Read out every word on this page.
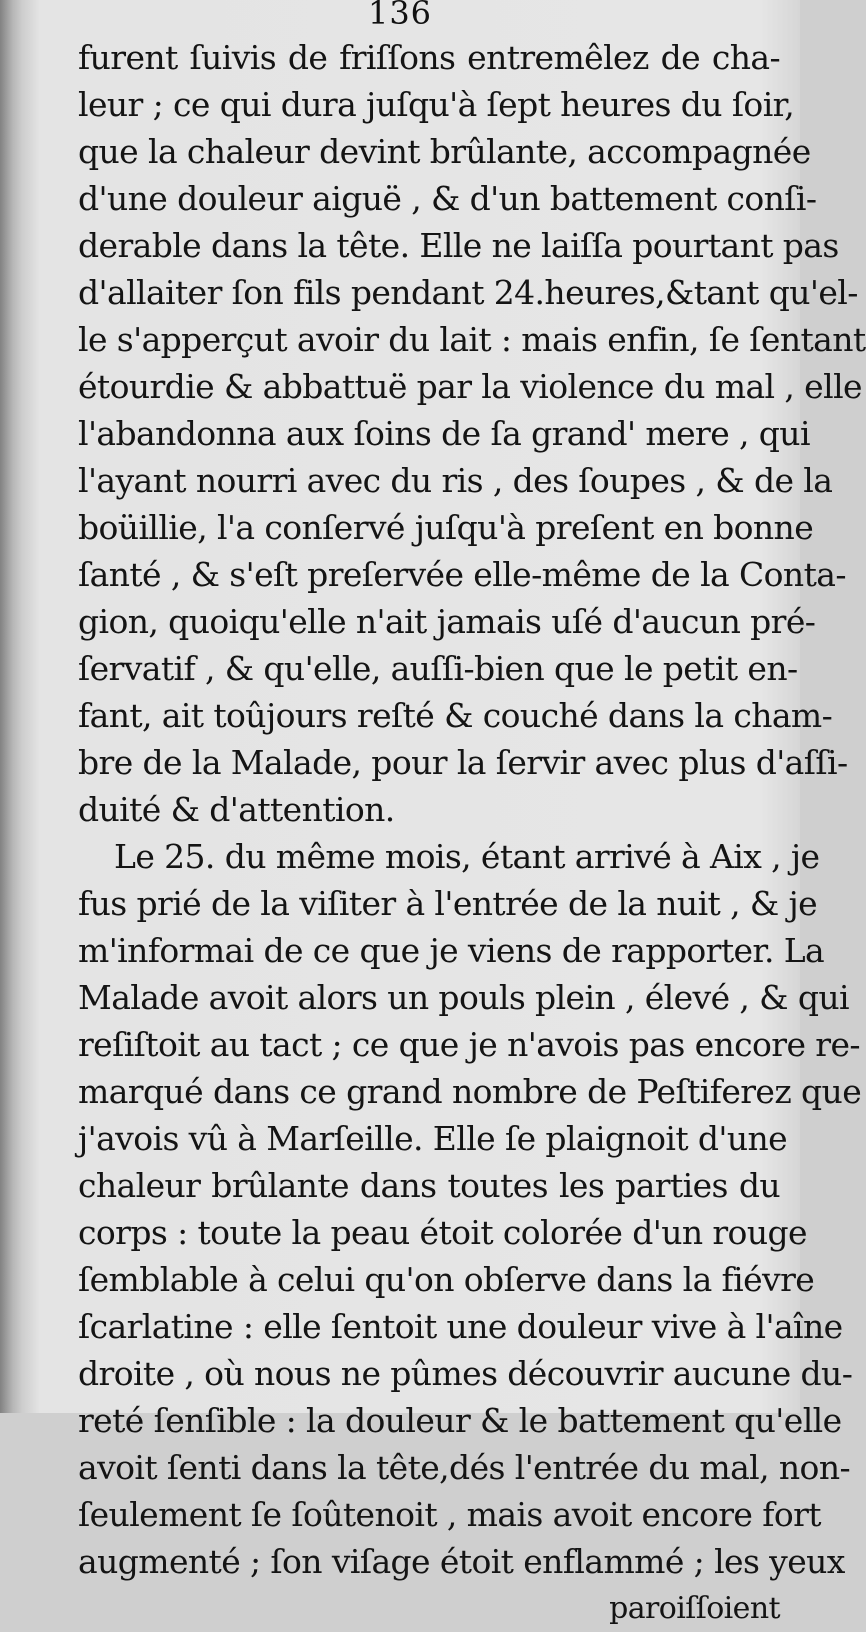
136
furent ſuivis de friſſons entremêlez de cha-
leur ; ce qui dura juſqu'à ſept heures du ſoir,
que la chaleur devint brûlante, accompagnée
d'une douleur aiguë , & d'un battement conſi-
derable dans la tête. Elle ne laiſſa pourtant pas
d'allaiter ſon fils pendant 24.heures,&tant qu'el-
le s'apperçut avoir du lait : mais enfin, ſe ſentant
étourdie & abbattuë par la violence du mal , elle
l'abandonna aux ſoins de ſa grand' mere , qui
l'ayant nourri avec du ris , des ſoupes , & de la
boüillie, l'a conſervé juſqu'à preſent en bonne
ſanté , & s'eſt preſervée elle-même de la Conta-
gion, quoiqu'elle n'ait jamais uſé d'aucun pré-
ſervatif , & qu'elle, auſſi-bien que le petit en-
fant, ait toûjours reſté & couché dans la cham-
bre de la Malade, pour la ſervir avec plus d'aſſi-
duité & d'attention.
Le 25. du même mois, étant arrivé à Aix , je
fus prié de la viſiter à l'entrée de la nuit , & je
m'informai de ce que je viens de rapporter. La
Malade avoit alors un pouls plein , élevé , & qui
reſiſtoit au tact ; ce que je n'avois pas encore re-
marqué dans ce grand nombre de Peſtiferez que
j'avois vû à Marſeille. Elle ſe plaignoit d'une
chaleur brûlante dans toutes les parties du
corps : toute la peau étoit colorée d'un rouge
ſemblable à celui qu'on obſerve dans la fiévre
ſcarlatine : elle ſentoit une douleur vive à l'aîne
droite , où nous ne pûmes découvrir aucune du-
reté ſenſible : la douleur & le battement qu'elle
avoit ſenti dans la tête,dés l'entrée du mal, non-
ſeulement ſe ſoûtenoit , mais avoit encore fort
augmenté ; ſon viſage étoit enflammé ; les yeux
paroiſſoient
